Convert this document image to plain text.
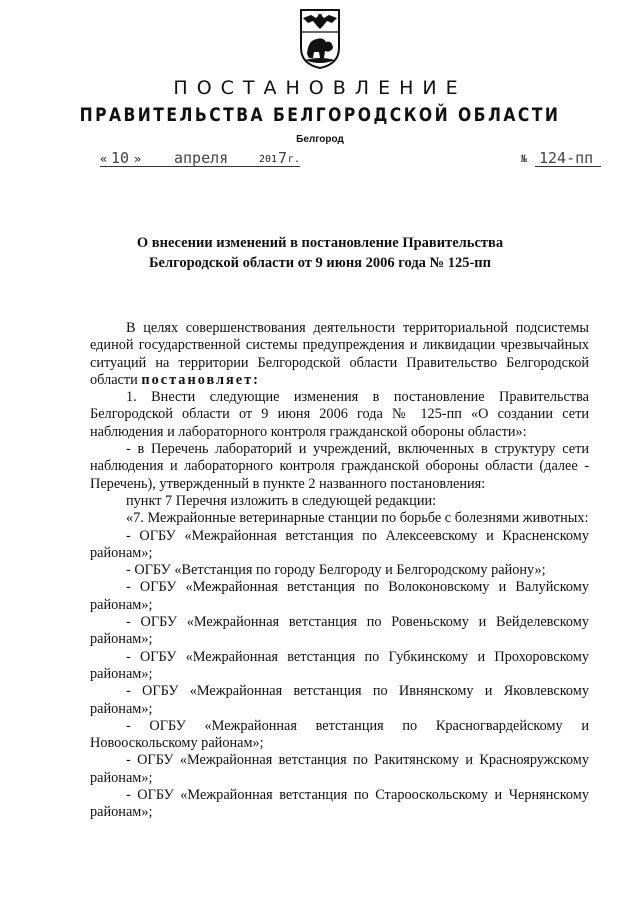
ПОСТАНОВЛЕНИЕ
ПРАВИТЕЛЬСТВА БЕЛГОРОДСКОЙ ОБЛАСТИ
Белгород
« 10 » апреля	201 7 г.	№ 124-пп
О внесении изменений в постановление Правительства
Белгородской области от 9 июня 2006 года № 125-пп

В целях совершенствования деятельности территориальной подсистемы единой государственной системы предупреждения и ликвидации чрезвычайных ситуаций на территории Белгородской области Правительство Белгородской области постановляет:

1. Внести следующие изменения в постановление Правительства Белгородской области от 9 июня 2006 года № 125-пп «О создании сети наблюдения и лабораторного контроля гражданской обороны области»:

- в Перечень лабораторий и учреждений, включенных в структуру сети наблюдения и лабораторного контроля гражданской обороны области (далее - Перечень), утвержденный в пункте 2 названного постановления:

пункт 7 Перечня изложить в следующей редакции:

«7. Межрайонные ветеринарные станции по борьбе с болезнями животных:

- ОГБУ «Межрайонная ветстанция по Алексеевскому и Красненскому районам»;

- ОГБУ «Ветстанция по городу Белгороду и Белгородскому району»;

- ОГБУ «Межрайонная ветстанция по Волоконовскому и Валуйскому районам»;

- ОГБУ «Межрайонная ветстанция по Ровеньскому и Вейделевскому районам»;

- ОГБУ «Межрайонная ветстанция по Губкинскому и Прохоровскому районам»;

- ОГБУ «Межрайонная ветстанция по Ивнянскому и Яковлевскому районам»;

- ОГБУ «Межрайонная ветстанция по Красногвардейскому и Новооскольскому районам»;

- ОГБУ «Межрайонная ветстанция по Ракитянскому и Краснояружскому районам»;

- ОГБУ «Межрайонная ветстанция по Старооскольскому и Чернянскому районам»;
